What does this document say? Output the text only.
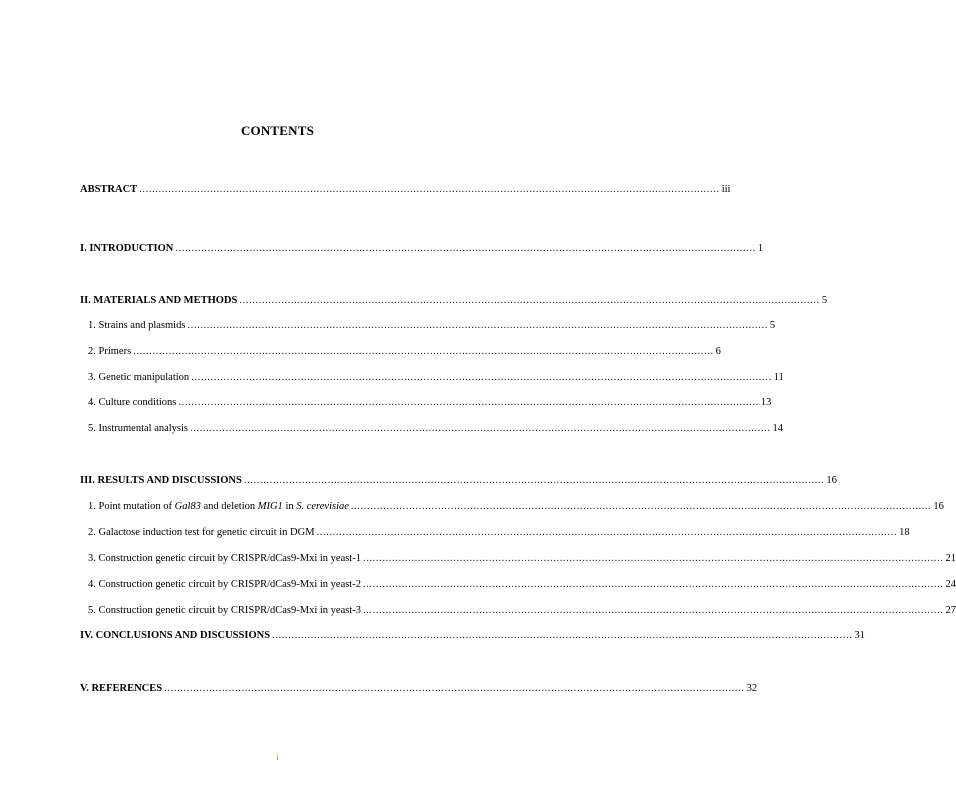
CONTENTS
ABSTRACT .................................................................................................................................................................................... iii
I. INTRODUCTION .................................................................................................................................................................................... 1
II. MATERIALS AND METHODS .................................................................................................................................................................................... 5
1. Strains and plasmids .................................................................................................................................................................................... 5
2. Primers .................................................................................................................................................................................... 6
3. Genetic manipulation .................................................................................................................................................................................... 11
4. Culture conditions .................................................................................................................................................................................... 13
5. Instrumental analysis .................................................................................................................................................................................... 14
III. RESULTS AND DISCUSSIONS .................................................................................................................................................................................... 16
1. Point mutation of Gal83 and deletion MIG1 in S. cerevisiae .................................................................................................................................................................................... 16
2. Galactose induction test for genetic circuit in DGM .................................................................................................................................................................................... 18
3. Construction genetic circuit by CRISPR/dCas9-Mxi in yeast-1 .................................................................................................................................................................................... 21
4. Construction genetic circuit by CRISPR/dCas9-Mxi in yeast-2 .................................................................................................................................................................................... 24
5. Construction genetic circuit by CRISPR/dCas9-Mxi in yeast-3 .................................................................................................................................................................................... 27
IV. CONCLUSIONS AND DISCUSSIONS .................................................................................................................................................................................... 31
V. REFERENCES .................................................................................................................................................................................... 32
i
